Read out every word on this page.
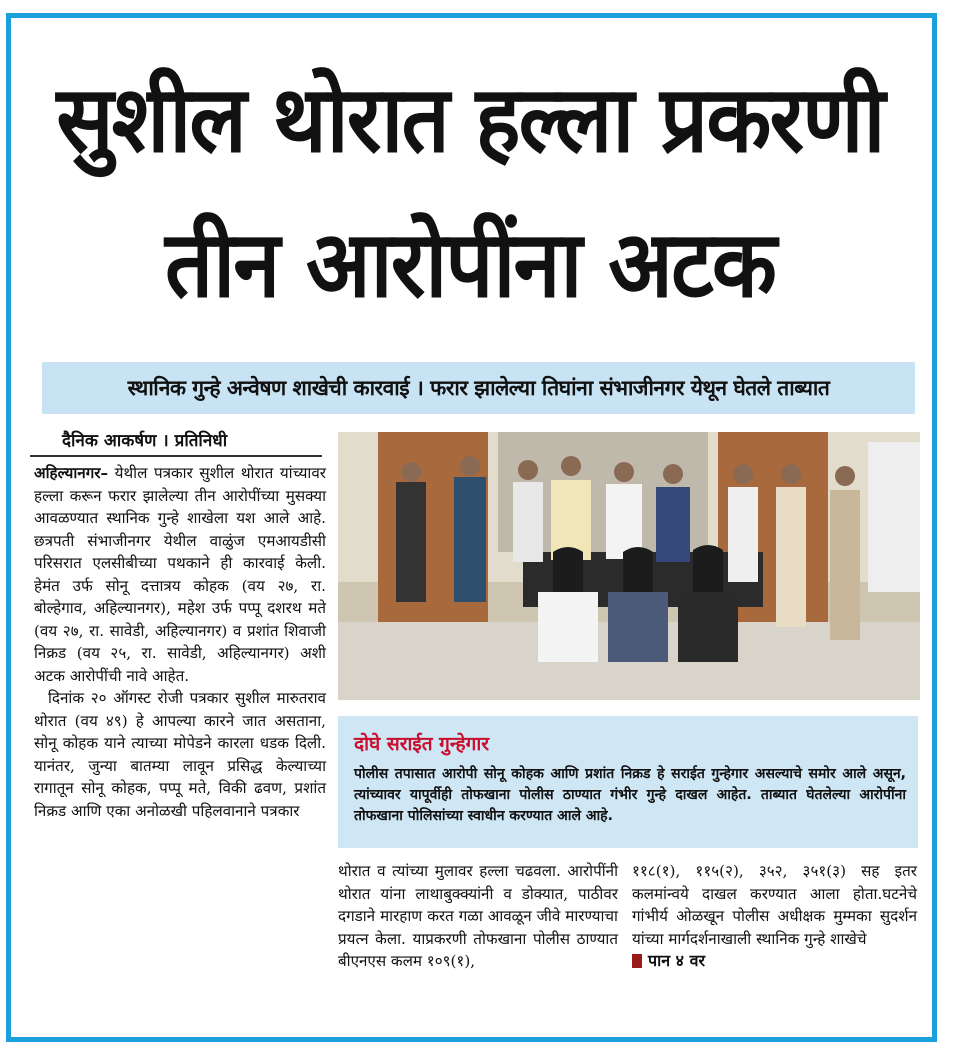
सुशील थोरात हल्ला प्रकरणी
तीन आरोपींना अटक
स्थानिक गुन्हे अन्वेषण शाखेची कारवाई । फरार झालेल्या तिघांना संभाजीनगर येथून घेतले ताब्यात
दैनिक आकर्षण । प्रतिनिधी

अहिल्यानगर– येथील पत्रकार सुशील थोरात यांच्यावर हल्ला करून फरार झालेल्या तीन आरोपींच्या मुसक्या आवळण्यात स्थानिक गुन्हे शाखेला यश आले आहे. छत्रपती संभाजीनगर येथील वाळुंज एमआयडीसी परिसरात एलसीबीच्या पथकाने ही कारवाई केली. हेमंत उर्फ सोनू दत्तात्रय कोहक (वय २७, रा. बोल्हेगाव, अहिल्यानगर), महेश उर्फ पप्पू दशरथ मते (वय २७, रा. सावेडी, अहिल्यानगर) व प्रशांत शिवाजी निक्रड (वय २५, रा. सावेडी, अहिल्यानगर) अशी अटक आरोपींची नावे आहेत.

दिनांक २० ऑगस्ट रोजी पत्रकार सुशील मारुतराव थोरात (वय ४९) हे आपल्या कारने जात असताना, सोनू कोहक याने त्याच्या मोपेडने कारला धडक दिली. यानंतर, जुन्या बातम्या लावून प्रसिद्ध केल्याच्या रागातून सोनू कोहक, पप्पू मते, विकी ढवण, प्रशांत निक्रड आणि एका अनोळखी पहिलवानाने पत्रकार

दोघे सराईत गुन्हेगार
पोलीस तपासात आरोपी सोनू कोहक आणि प्रशांत निक्रड हे सराईत गुन्हेगार असल्याचे समोर आले असून, त्यांच्यावर यापूर्वीही तोफखाना पोलीस ठाण्यात गंभीर गुन्हे दाखल आहेत. ताब्यात घेतलेल्या आरोपींना तोफखाना पोलिसांच्या स्वाधीन करण्यात आले आहे.
थोरात व त्यांच्या मुलावर हल्ला चढवला. आरोपींनी थोरात यांना लाथाबुक्क्यांनी व डोक्यात, पाठीवर दगडाने मारहाण करत गळा आवळून जीवे मारण्याचा प्रयत्न केला. याप्रकरणी तोफखाना पोलीस ठाण्यात बीएनएस कलम १०९(१),
११८(१), ११५(२), ३५२, ३५१(३) सह इतर कलमांन्वये दाखल करण्यात आला होता.घटनेचे गांभीर्य ओळखून पोलीस अधीक्षक मुम्मका सुदर्शन यांच्या मार्गदर्शनाखाली स्थानिक गुन्हे शाखेचे
पान ४ वर
